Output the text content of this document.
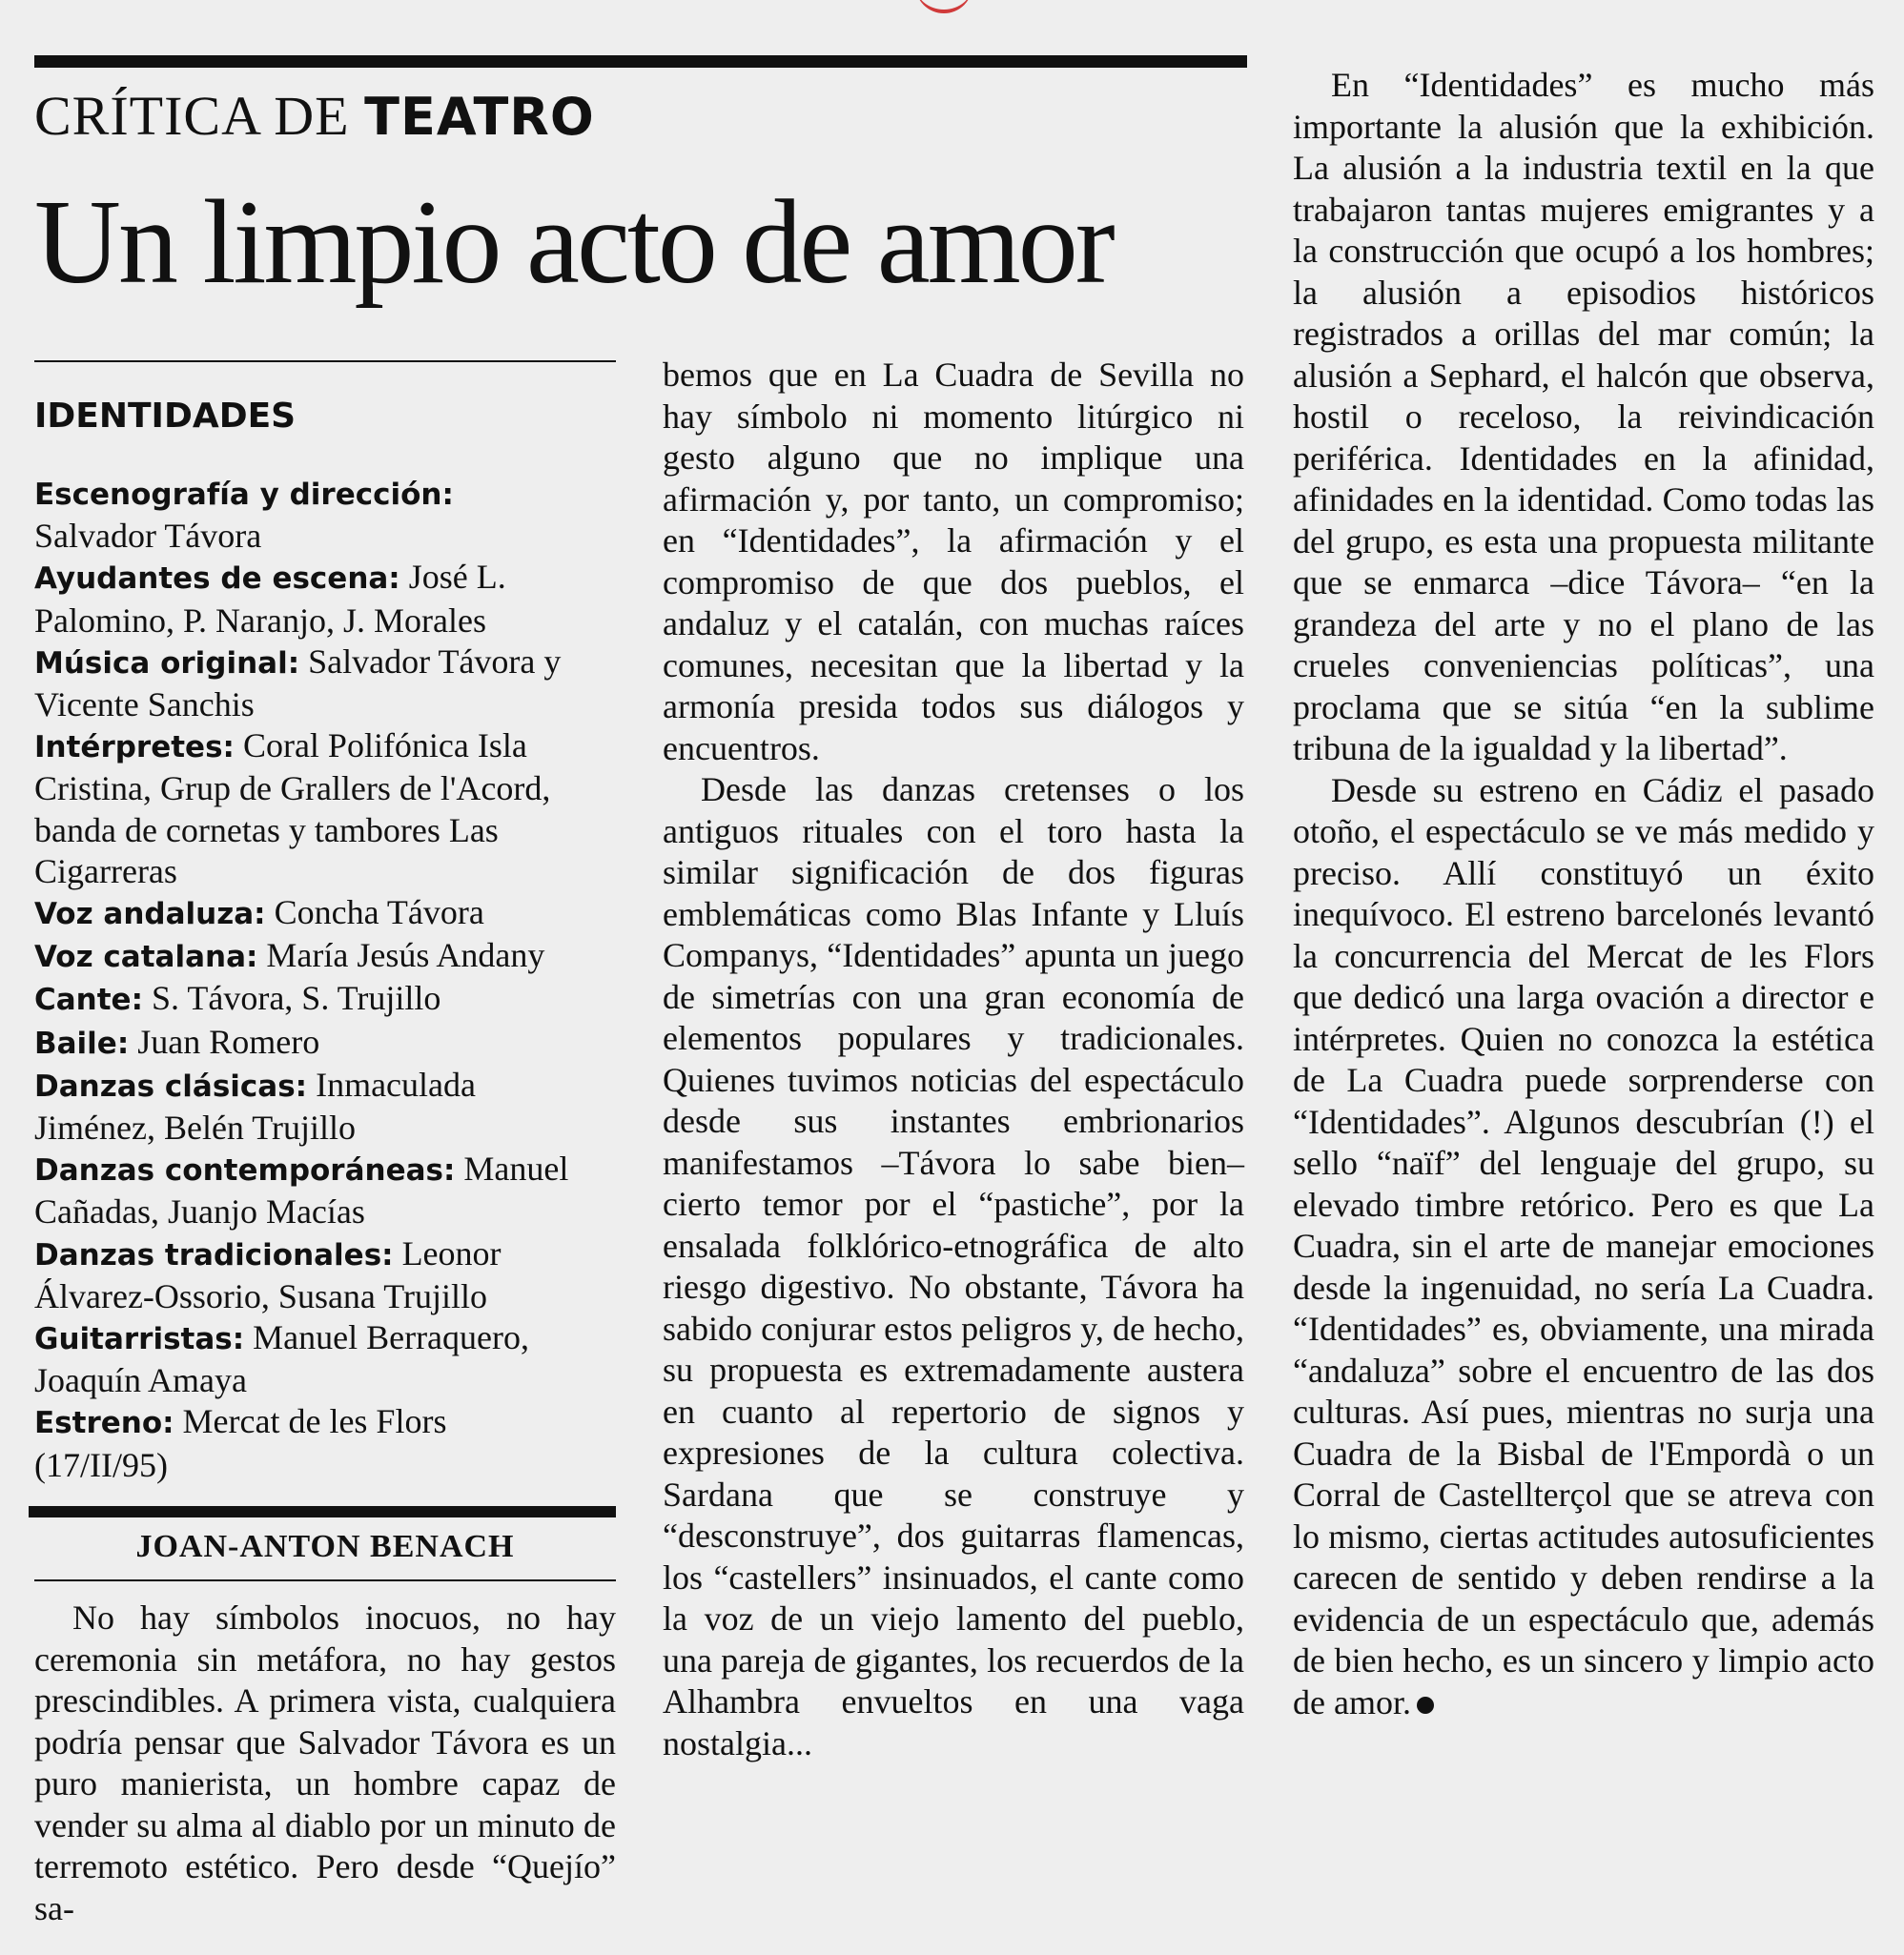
CRÍTICA DE TEATRO
Un limpio acto de amor
IDENTIDADES
Escenografía y dirección:
Salvador Távora
Ayudantes de escena: José L.
Palomino, P. Naranjo, J. Morales
Música original: Salvador Távora y
Vicente Sanchis
Intérpretes: Coral Polifónica Isla
Cristina, Grup de Grallers de l'Acord,
banda de cornetas y tambores Las
Cigarreras
Voz andaluza: Concha Távora
Voz catalana: María Jesús Andany
Cante: S. Távora, S. Trujillo
Baile: Juan Romero
Danzas clásicas: Inmaculada
Jiménez, Belén Trujillo
Danzas contemporáneas: Manuel
Cañadas, Juanjo Macías
Danzas tradicionales: Leonor
Álvarez-Ossorio, Susana Trujillo
Guitarristas: Manuel Berraquero,
Joaquín Amaya
Estreno: Mercat de les Flors
(17/II/95)
JOAN-ANTON BENACH

No hay símbolos inocuos, no hay ceremonia sin metáfora, no hay gestos prescindibles. A primera vista, cualquiera podría pensar que Salvador Távora es un puro manierista, un hombre capaz de vender su alma al diablo por un minuto de terremoto estético. Pero desde “Quejío” sa-

bemos que en La Cuadra de Sevilla no hay símbolo ni momento litúrgico ni gesto alguno que no implique una afirmación y, por tanto, un compromiso; en “Identidades”, la afirmación y el compromiso de que dos pueblos, el andaluz y el catalán, con muchas raíces comunes, necesitan que la libertad y la armonía presida todos sus diálogos y encuentros.

Desde las danzas cretenses o los antiguos rituales con el toro hasta la similar significación de dos figuras emblemáticas como Blas Infante y Lluís Companys, “Identidades” apunta un juego de simetrías con una gran economía de elementos populares y tradicionales. Quienes tuvimos noticias del espectáculo desde sus instantes embrionarios manifestamos –Távora lo sabe bien– cierto temor por el “pastiche”, por la ensalada folklórico-etnográfica de alto riesgo digestivo. No obstante, Távora ha sabido conjurar estos peligros y, de hecho, su propuesta es extremadamente austera en cuanto al repertorio de signos y expresiones de la cultura colectiva. Sardana que se construye y “desconstruye”, dos guitarras flamencas, los “castellers” insinuados, el cante como la voz de un viejo lamento del pueblo, una pareja de gigantes, los recuerdos de la Alhambra envueltos en una vaga nostalgia...

En “Identidades” es mucho más importante la alusión que la exhibición. La alusión a la industria textil en la que trabajaron tantas mujeres emigrantes y a la construcción que ocupó a los hombres; la alusión a episodios históricos registrados a orillas del mar común; la alusión a Sephard, el halcón que observa, hostil o receloso, la reivindicación periférica. Identidades en la afinidad, afinidades en la identidad. Como todas las del grupo, es esta una propuesta militante que se enmarca –dice Távora– “en la grandeza del arte y no el plano de las crueles conveniencias políticas”, una proclama que se sitúa “en la sublime tribuna de la igualdad y la libertad”.

Desde su estreno en Cádiz el pasado otoño, el espectáculo se ve más medido y preciso. Allí constituyó un éxito inequívoco. El estreno barcelonés levantó la concurrencia del Mercat de les Flors que dedicó una larga ovación a director e intérpretes. Quien no conozca la estética de La Cuadra puede sorprenderse con “Identidades”. Algunos descubrían (!) el sello “naïf” del lenguaje del grupo, su elevado timbre retórico. Pero es que La Cuadra, sin el arte de manejar emociones desde la ingenuidad, no sería La Cuadra. “Identidades” es, obviamente, una mirada “andaluza” sobre el encuentro de las dos culturas. Así pues, mientras no surja una Cuadra de la Bisbal de l'Empordà o un Corral de Castellterçol que se atreva con lo mismo, ciertas actitudes autosuficientes carecen de sentido y deben rendirse a la evidencia de un espectáculo que, además de bien hecho, es un sincero y limpio acto de amor.
